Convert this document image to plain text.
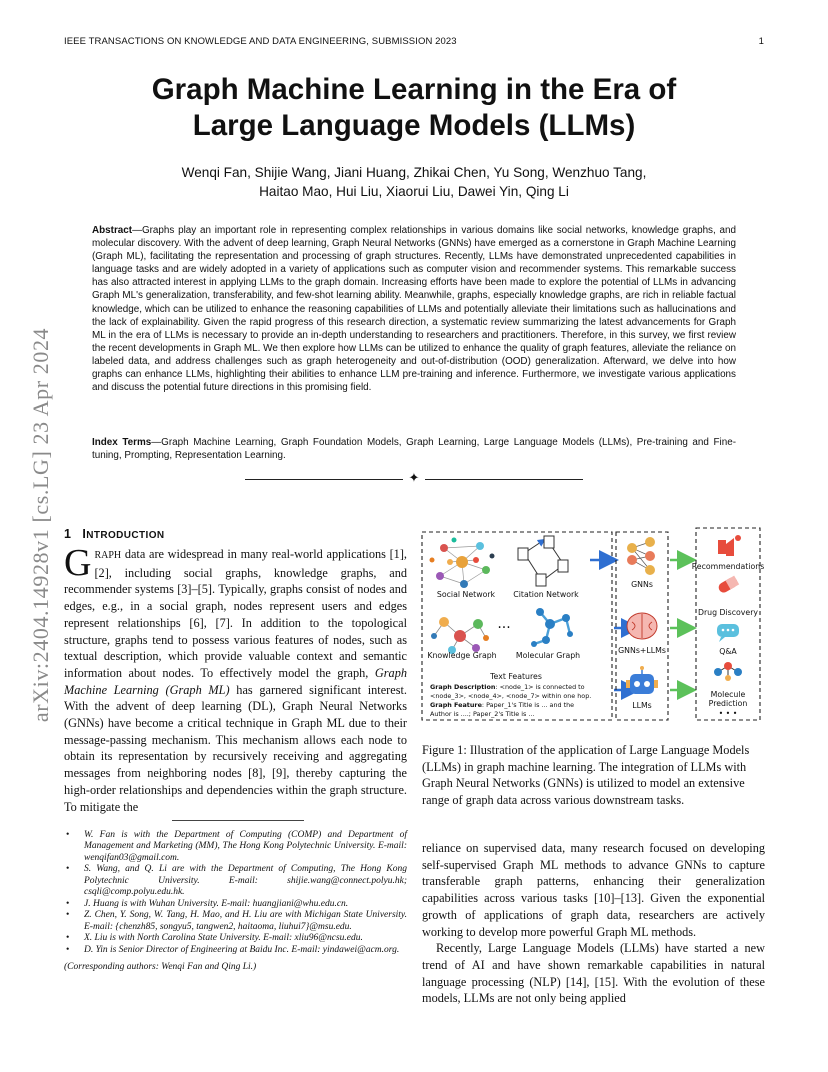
IEEE TRANSACTIONS ON KNOWLEDGE AND DATA ENGINEERING, SUBMISSION 2023	1
arXiv:2404.14928v1 [cs.LG] 23 Apr 2024
Graph Machine Learning in the Era of Large Language Models (LLMs)
Wenqi Fan, Shijie Wang, Jiani Huang, Zhikai Chen, Yu Song, Wenzhuo Tang,
Haitao Mao, Hui Liu, Xiaorui Liu, Dawei Yin, Qing Li
Abstract—Graphs play an important role in representing complex relationships in various domains like social networks, knowledge graphs, and molecular discovery. With the advent of deep learning, Graph Neural Networks (GNNs) have emerged as a cornerstone in Graph Machine Learning (Graph ML), facilitating the representation and processing of graph structures. Recently, LLMs have demonstrated unprecedented capabilities in language tasks and are widely adopted in a variety of applications such as computer vision and recommender systems. This remarkable success has also attracted interest in applying LLMs to the graph domain. Increasing efforts have been made to explore the potential of LLMs in advancing Graph ML's generalization, transferability, and few-shot learning ability. Meanwhile, graphs, especially knowledge graphs, are rich in reliable factual knowledge, which can be utilized to enhance the reasoning capabilities of LLMs and potentially alleviate their limitations such as hallucinations and the lack of explainability. Given the rapid progress of this research direction, a systematic review summarizing the latest advancements for Graph ML in the era of LLMs is necessary to provide an in-depth understanding to researchers and practitioners. Therefore, in this survey, we first review the recent developments in Graph ML. We then explore how LLMs can be utilized to enhance the quality of graph features, alleviate the reliance on labeled data, and address challenges such as graph heterogeneity and out-of-distribution (OOD) generalization. Afterward, we delve into how graphs can enhance LLMs, highlighting their abilities to enhance LLM pre-training and inference. Furthermore, we investigate various applications and discuss the potential future directions in this promising field.
Index Terms—Graph Machine Learning, Graph Foundation Models, Graph Learning, Large Language Models (LLMs), Pre-training and Fine-tuning, Prompting, Representation Learning.
✦
1 INTRODUCTION
GRAPH data are widespread in many real-world applications [1], [2], including social graphs, knowledge graphs, and recommender systems [3]–[5]. Typically, graphs consist of nodes and edges, e.g., in a social graph, nodes represent users and edges represent relationships [6], [7]. In addition to the topological structure, graphs tend to possess various features of nodes, such as textual description, which provide valuable context and semantic information about nodes. To effectively model the graph, Graph Machine Learning (Graph ML) has garnered significant interest. With the advent of deep learning (DL), Graph Neural Networks (GNNs) have become a critical technique in Graph ML due to their message-passing mechanism. This mechanism allows each node to obtain its representation by recursively receiving and aggregating messages from neighboring nodes [8], [9], thereby capturing the high-order relationships and dependencies within the graph structure. To mitigate the
• W. Fan is with the Department of Computing (COMP) and Department of Management and Marketing (MM), The Hong Kong Polytechnic University. E-mail: wenqifan03@gmail.com.
• S. Wang, and Q. Li are with the Department of Computing, The Hong Kong Polytechnic University. E-mail: shijie.wang@connect.polyu.hk; csqli@comp.polyu.edu.hk.
• J. Huang is with Wuhan University. E-mail: huangjiani@whu.edu.cn.
• Z. Chen, Y. Song, W. Tang, H. Mao, and H. Liu are with Michigan State University. E-mail: {chenzh85, songyu5, tangwen2, haitaoma, liuhui7}@msu.edu.
• X. Liu is with North Carolina State University. E-mail: xliu96@ncsu.edu.
• D. Yin is Senior Director of Engineering at Baidu Inc. E-mail: yindawei@acm.org.
(Corresponding authors: Wenqi Fan and Qing Li.)
Social Network Citation Network
...
Knowledge Graph Molecular Graph
Text Features
Graph Description: <node_1> is connected to
<node_3>, <node_4>, <node_7> within one hop.
Graph Feature: Paper_1's Title is ... and the
Author is ....; Paper_2's Title is ...
GNNs
GNNs+LLMs
LLMs
Recommendations
Drug Discovery
Q&A
Molecule
Prediction
• • •
Figure 1: Illustration of the application of Large Language Models (LLMs) in graph machine learning. The integration of LLMs with Graph Neural Networks (GNNs) is utilized to model an extensive range of graph data across various downstream tasks.

reliance on supervised data, many research focused on developing self-supervised Graph ML methods to advance GNNs to capture transferable graph patterns, enhancing their generalization capabilities across various tasks [10]–[13]. Given the exponential growth of applications of graph data, researchers are actively working to develop more powerful Graph ML methods.

Recently, Large Language Models (LLMs) have started a new trend of AI and have shown remarkable capabilities in natural language processing (NLP) [14], [15]. With the evolution of these models, LLMs are not only being applied
